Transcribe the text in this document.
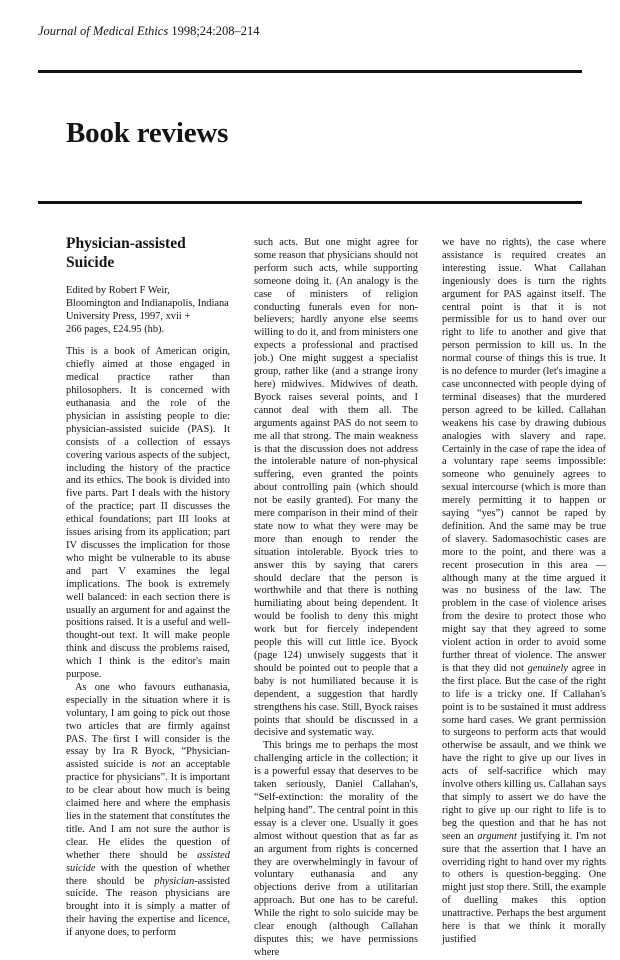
Journal of Medical Ethics 1998;24:208–214
Book reviews
Physician-assisted
Suicide
Edited by Robert F Weir,
Bloomington and Indianapolis, Indiana University Press, 1997, xvii +
266 pages, £24.95 (hb).

This is a book of American origin, chiefly aimed at those engaged in medical practice rather than philosophers. It is concerned with euthanasia and the role of the physician in assisting people to die: physician-assisted suicide (PAS). It consists of a collection of essays covering various aspects of the subject, including the history of the practice and its ethics. The book is divided into five parts. Part I deals with the history of the practice; part II discusses the ethical foundations; part III looks at issues arising from its application; part IV discusses the implication for those who might be vulnerable to its abuse and part V examines the legal implications. The book is extremely well balanced: in each section there is usually an argument for and against the positions raised. It is a useful and well-thought-out text. It will make people think and discuss the problems raised, which I think is the editor's main purpose.

As one who favours euthanasia, especially in the situation where it is voluntary, I am going to pick out those two articles that are firmly against PAS. The first I will consider is the essay by Ira R Byock, “Physician-assisted suicide is not an acceptable practice for physicians”. It is important to be clear about how much is being claimed here and where the emphasis lies in the statement that constitutes the title. And I am not sure the author is clear. He elides the question of whether there should be assisted suicide with the question of whether there should be physician-assisted suicide. The reason physicians are brought into it is simply a matter of their having the expertise and licence, if anyone does, to perform

such acts. But one might agree for some reason that physicians should not perform such acts, while supporting someone doing it. (An analogy is the case of ministers of religion conducting funerals even for non-believers; hardly anyone else seems willing to do it, and from ministers one expects a professional and practised job.) One might suggest a specialist group, rather like (and a strange irony here) midwives. Midwives of death. Byock raises several points, and I cannot deal with them all. The arguments against PAS do not seem to me all that strong. The main weakness is that the discussion does not address the intolerable nature of non-physical suffering, even granted the points about controlling pain (which should not be easily granted). For many the mere comparison in their mind of their state now to what they were may be more than enough to render the situation intolerable. Byock tries to answer this by saying that carers should declare that the person is worthwhile and that there is nothing humiliating about being dependent. It would be foolish to deny this might work but for fiercely independent people this will cut little ice. Byock (page 124) unwisely suggests that it should be pointed out to people that a baby is not humiliated because it is dependent, a suggestion that hardly strengthens his case. Still, Byock raises points that should be discussed in a decisive and systematic way.

This brings me to perhaps the most challenging article in the collection; it is a powerful essay that deserves to be taken seriously, Daniel Callahan's, “Self-extinction: the morality of the helping hand”. The central point in this essay is a clever one. Usually it goes almost without question that as far as an argument from rights is concerned they are overwhelmingly in favour of voluntary euthanasia and any objections derive from a utilitarian approach. But one has to be careful. While the right to solo suicide may be clear enough (although Callahan disputes this; we have permissions where

we have no rights), the case where assistance is required creates an interesting issue. What Callahan ingeniously does is turn the rights argument for PAS against itself. The central point is that it is not permissible for us to hand over our right to life to another and give that person permission to kill us. In the normal course of things this is true. It is no defence to murder (let's imagine a case unconnected with people dying of terminal diseases) that the murdered person agreed to be killed. Callahan weakens his case by drawing dubious analogies with slavery and rape. Certainly in the case of rape the idea of a voluntary rape seems impossible: someone who genuinely agrees to sexual intercourse (which is more than merely permitting it to happen or saying “yes”) cannot be raped by definition. And the same may be true of slavery. Sadomasochistic cases are more to the point, and there was a recent prosecution in this area — although many at the time argued it was no business of the law. The problem in the case of violence arises from the desire to protect those who might say that they agreed to some violent action in order to avoid some further threat of violence. The answer is that they did not genuinely agree in the first place. But the case of the right to life is a tricky one. If Callahan's point is to be sustained it must address some hard cases. We grant permission to surgeons to perform acts that would otherwise be assault, and we think we have the right to give up our lives in acts of self-sacrifice which may involve others killing us. Callahan says that simply to assert we do have the right to give up our right to life is to beg the question and that he has not seen an argument justifying it. I'm not sure that the assertion that I have an overriding right to hand over my rights to others is question-begging. One might just stop there. Still, the example of duelling makes this option unattractive. Perhaps the best argument here is that we think it morally justified
